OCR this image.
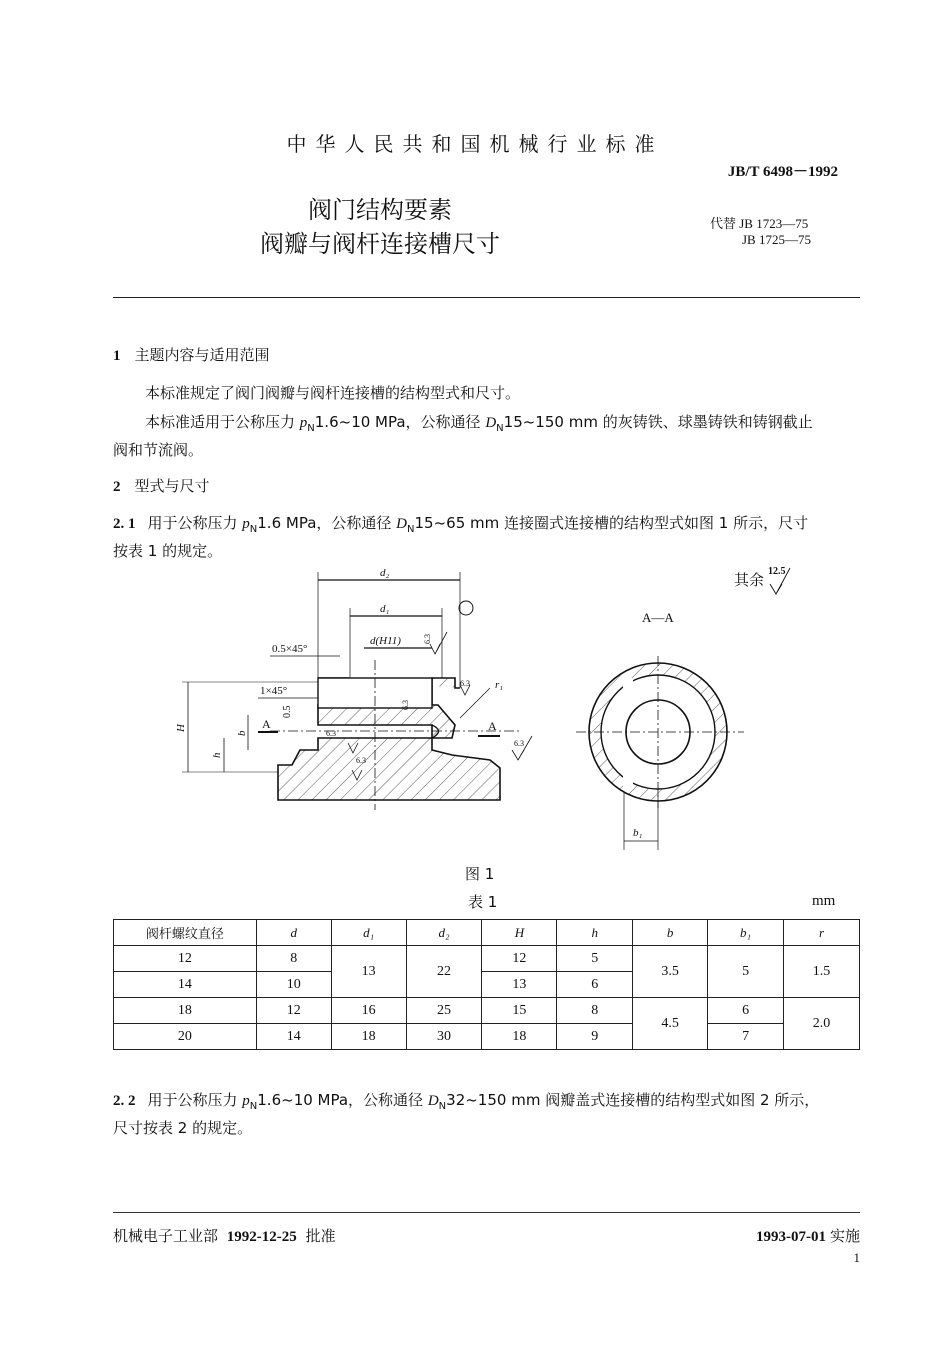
中华人民共和国机械行业标准
JB/T 6498－1992
阀门结构要素
阀瓣与阀杆连接槽尺寸
代替 JB 1723—75
JB 1725—75
1 主题内容与适用范围
本标准规定了阀门阀瓣与阀杆连接槽的结构型式和尺寸。
本标准适用于公称压力 $p_N1.6\sim 10$ MPa，公称通径 $D_N15\sim 150$ mm 的灰铸铁、球墨铸铁和铸钢截止
阀和节流阀。
2 型式与尺寸
2. 1 用于公称压力 $p_N1.6$ MPa，公称通径 $D_N15\sim 65$ mm 连接圈式连接槽的结构型式如图 1 所示，尺寸
按表 1 的规定。
d₂
d₁
d(H11)
0.5×45°
1×45°
0.5
H
h
b
A	A
r₁
b₁
A—A
6.3
6.3
6.3
6.3
6.3
6.3
其余 12.5
图 1
表 1	mm
阀杆螺纹直径	d	d₁	d₂	H	h	b	b₁	r
12	8	13	22	12	5	3.5	5	1.5
14	10			13	6			
18	12	16	25	15	8	4.5	6	2.0
20	14	18	30	18	9		7	
2. 2 用于公称压力 $p_N1.6\sim 10$ MPa，公称通径 $D_N32\sim 150$ mm 阀瓣盖式连接槽的结构型式如图 2 所示，
尺寸按表 2 的规定。
机械电子工业部 1992-12-25 批准	1993-07-01 实施
1
